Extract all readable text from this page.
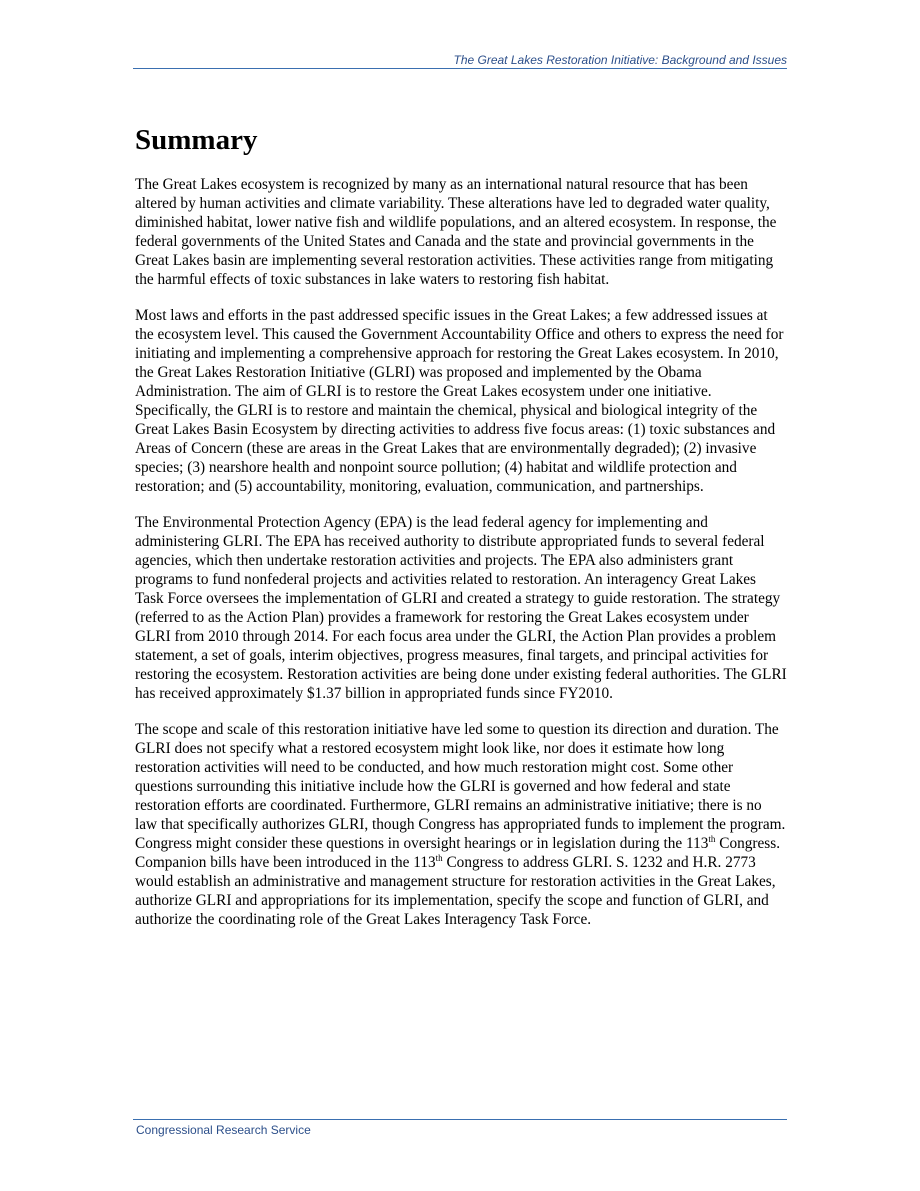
The Great Lakes Restoration Initiative: Background and Issues
Summary

The Great Lakes ecosystem is recognized by many as an international natural resource that has been altered by human activities and climate variability. These alterations have led to degraded water quality, diminished habitat, lower native fish and wildlife populations, and an altered ecosystem. In response, the federal governments of the United States and Canada and the state and provincial governments in the Great Lakes basin are implementing several restoration activities. These activities range from mitigating the harmful effects of toxic substances in lake waters to restoring fish habitat.

Most laws and efforts in the past addressed specific issues in the Great Lakes; a few addressed issues at the ecosystem level. This caused the Government Accountability Office and others to express the need for initiating and implementing a comprehensive approach for restoring the Great Lakes ecosystem. In 2010, the Great Lakes Restoration Initiative (GLRI) was proposed and implemented by the Obama Administration. The aim of GLRI is to restore the Great Lakes ecosystem under one initiative. Specifically, the GLRI is to restore and maintain the chemical, physical and biological integrity of the Great Lakes Basin Ecosystem by directing activities to address five focus areas: (1) toxic substances and Areas of Concern (these are areas in the Great Lakes that are environmentally degraded); (2) invasive species; (3) nearshore health and nonpoint source pollution; (4) habitat and wildlife protection and restoration; and (5) accountability, monitoring, evaluation, communication, and partnerships.

The Environmental Protection Agency (EPA) is the lead federal agency for implementing and administering GLRI. The EPA has received authority to distribute appropriated funds to several federal agencies, which then undertake restoration activities and projects. The EPA also administers grant programs to fund nonfederal projects and activities related to restoration. An interagency Great Lakes Task Force oversees the implementation of GLRI and created a strategy to guide restoration. The strategy (referred to as the Action Plan) provides a framework for restoring the Great Lakes ecosystem under GLRI from 2010 through 2014. For each focus area under the GLRI, the Action Plan provides a problem statement, a set of goals, interim objectives, progress measures, final targets, and principal activities for restoring the ecosystem. Restoration activities are being done under existing federal authorities. The GLRI has received approximately $1.37 billion in appropriated funds since FY2010.

The scope and scale of this restoration initiative have led some to question its direction and duration. The GLRI does not specify what a restored ecosystem might look like, nor does it estimate how long restoration activities will need to be conducted, and how much restoration might cost. Some other questions surrounding this initiative include how the GLRI is governed and how federal and state restoration efforts are coordinated. Furthermore, GLRI remains an administrative initiative; there is no law that specifically authorizes GLRI, though Congress has appropriated funds to implement the program. Congress might consider these questions in oversight hearings or in legislation during the 113th Congress. Companion bills have been introduced in the 113th Congress to address GLRI. S. 1232 and H.R. 2773 would establish an administrative and management structure for restoration activities in the Great Lakes, authorize GLRI and appropriations for its implementation, specify the scope and function of GLRI, and authorize the coordinating role of the Great Lakes Interagency Task Force.

Congressional Research Service
